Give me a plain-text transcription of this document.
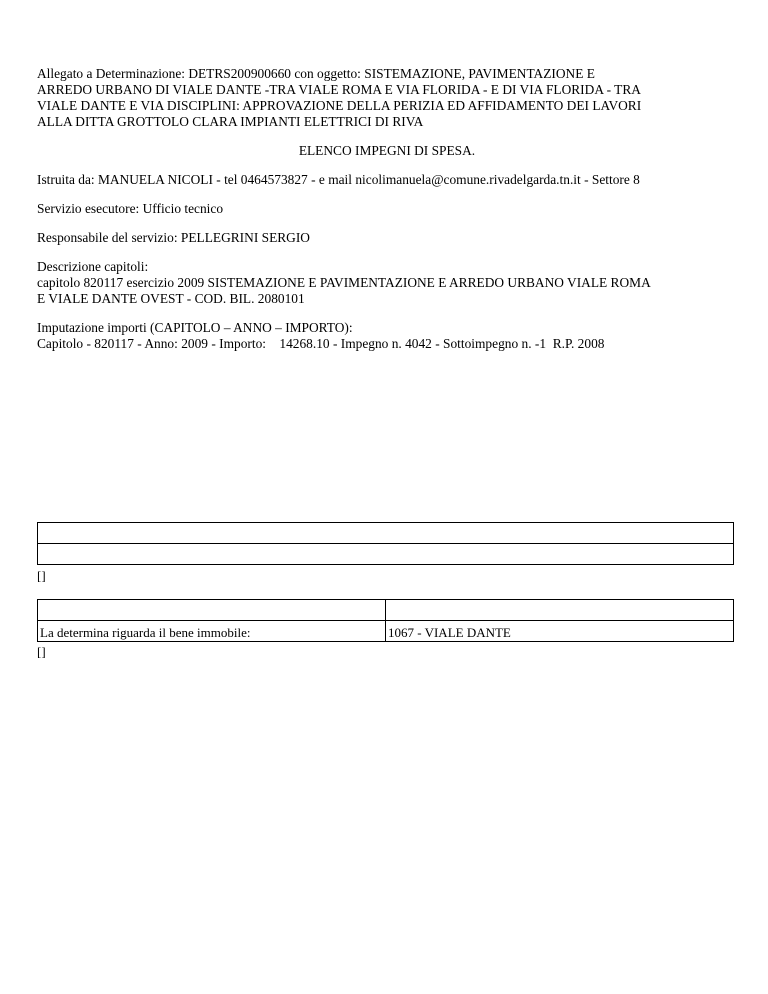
Allegato a Determinazione: DETRS200900660 con oggetto: SISTEMAZIONE, PAVIMENTAZIONE E

ARREDO URBANO DI VIALE DANTE -TRA VIALE ROMA E VIA FLORIDA - E DI VIA FLORIDA - TRA

VIALE DANTE E VIA DISCIPLINI: APPROVAZIONE DELLA PERIZIA ED AFFIDAMENTO DEI LAVORI

ALLA DITTA GROTTOLO CLARA IMPIANTI ELETTRICI DI RIVA

ELENCO IMPEGNI DI SPESA.

Istruita da: MANUELA NICOLI - tel 0464573827 - e mail nicolimanuela@comune.rivadelgarda.tn.it - Settore 8

Servizio esecutore: Ufficio tecnico

Responsabile del servizio: PELLEGRINI SERGIO

Descrizione capitoli:

capitolo 820117 esercizio 2009 SISTEMAZIONE E PAVIMENTAZIONE E ARREDO URBANO VIALE ROMA

E VIALE DANTE OVEST - COD. BIL. 2080101

Imputazione importi (CAPITOLO – ANNO – IMPORTO):

Capitolo - 820117 - Anno: 2009 - Importo:    14268.10 - Impegno n. 4042 - Sottoimpegno n. -1  R.P. 2008

[]

La determina riguarda il bene immobile:	1067 - VIALE DANTE
[]
